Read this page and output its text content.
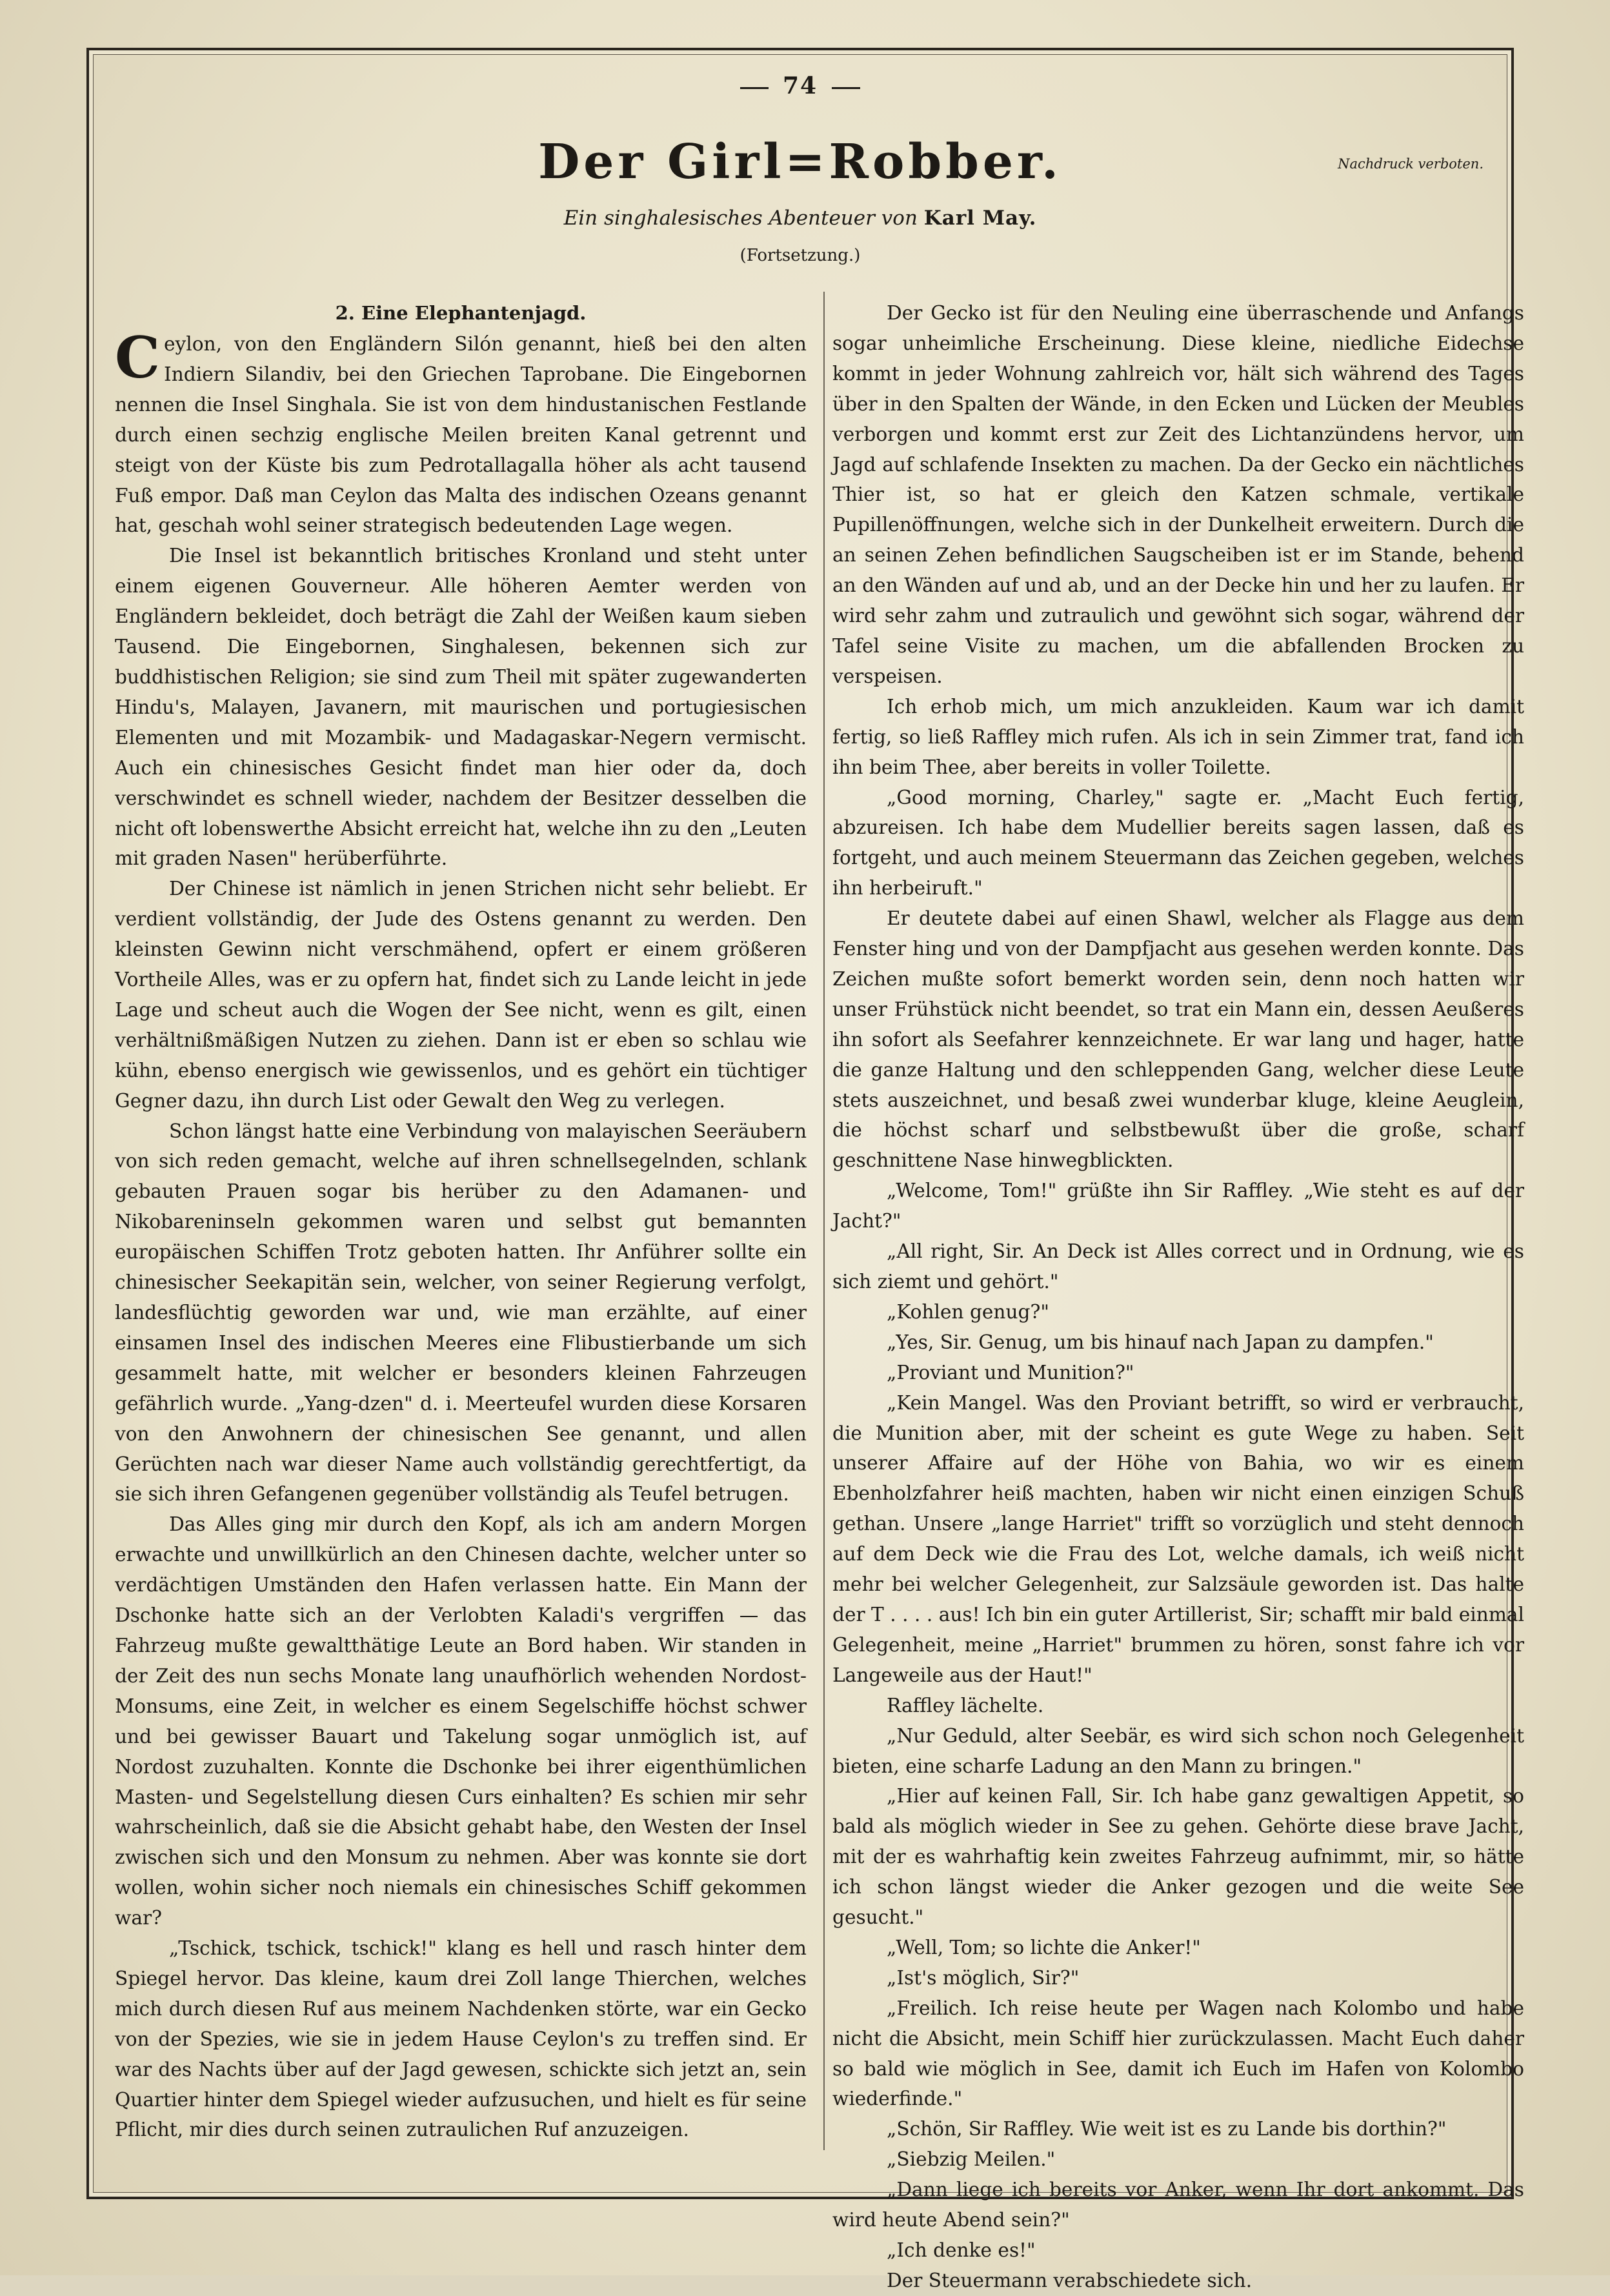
74
Der Girl=Robber.	Nachdruck verboten.
Ein singhalesisches Abenteuer von Karl May.
(Fortsetzung.)
2. Eine Elephantenjagd.

Ceylon, von den Engländern Silón genannt, hieß bei den alten Indiern Silandiv, bei den Griechen Taprobane. Die Eingebornen nennen die Insel Singhala. Sie ist von dem hindustanischen Festlande durch einen sechzig englische Meilen breiten Kanal getrennt und steigt von der Küste bis zum Pedrotallagalla höher als acht tausend Fuß empor. Daß man Ceylon das Malta des indischen Ozeans genannt hat, geschah wohl seiner strategisch bedeutenden Lage wegen.

Die Insel ist bekanntlich britisches Kronland und steht unter einem eigenen Gouverneur. Alle höheren Aemter werden von Engländern bekleidet, doch beträgt die Zahl der Weißen kaum sieben Tausend. Die Eingebornen, Singhalesen, bekennen sich zur buddhistischen Religion; sie sind zum Theil mit später zugewanderten Hindu's, Malayen, Javanern, mit maurischen und portugiesischen Elementen und mit Mozambik- und Madagaskar-Negern vermischt. Auch ein chinesisches Gesicht findet man hier oder da, doch verschwindet es schnell wieder, nachdem der Besitzer desselben die nicht oft lobenswerthe Absicht erreicht hat, welche ihn zu den „Leuten mit graden Nasen" herüberführte.

Der Chinese ist nämlich in jenen Strichen nicht sehr beliebt. Er verdient vollständig, der Jude des Ostens genannt zu werden. Den kleinsten Gewinn nicht verschmähend, opfert er einem größeren Vortheile Alles, was er zu opfern hat, findet sich zu Lande leicht in jede Lage und scheut auch die Wogen der See nicht, wenn es gilt, einen verhältnißmäßigen Nutzen zu ziehen. Dann ist er eben so schlau wie kühn, ebenso energisch wie gewissenlos, und es gehört ein tüchtiger Gegner dazu, ihn durch List oder Gewalt den Weg zu verlegen.

Schon längst hatte eine Verbindung von malayischen Seeräubern von sich reden gemacht, welche auf ihren schnellsegelnden, schlank gebauten Prauen sogar bis herüber zu den Adamanen- und Nikobareninseln gekommen waren und selbst gut bemannten europäischen Schiffen Trotz geboten hatten. Ihr Anführer sollte ein chinesischer Seekapitän sein, welcher, von seiner Regierung verfolgt, landesflüchtig geworden war und, wie man erzählte, auf einer einsamen Insel des indischen Meeres eine Flibustierbande um sich gesammelt hatte, mit welcher er besonders kleinen Fahrzeugen gefährlich wurde. „Yang-dzen" d. i. Meerteufel wurden diese Korsaren von den Anwohnern der chinesischen See genannt, und allen Gerüchten nach war dieser Name auch vollständig gerechtfertigt, da sie sich ihren Gefangenen gegenüber vollständig als Teufel betrugen.

Das Alles ging mir durch den Kopf, als ich am andern Morgen erwachte und unwillkürlich an den Chinesen dachte, welcher unter so verdächtigen Umständen den Hafen verlassen hatte. Ein Mann der Dschonke hatte sich an der Verlobten Kaladi's vergriffen — das Fahrzeug mußte gewaltthätige Leute an Bord haben. Wir standen in der Zeit des nun sechs Monate lang unaufhörlich wehenden Nordost-Monsums, eine Zeit, in welcher es einem Segelschiffe höchst schwer und bei gewisser Bauart und Takelung sogar unmöglich ist, auf Nordost zuzuhalten. Konnte die Dschonke bei ihrer eigenthümlichen Masten- und Segelstellung diesen Curs einhalten? Es schien mir sehr wahrscheinlich, daß sie die Absicht gehabt habe, den Westen der Insel zwischen sich und den Monsum zu nehmen. Aber was konnte sie dort wollen, wohin sicher noch niemals ein chinesisches Schiff gekommen war?

„Tschick, tschick, tschick!" klang es hell und rasch hinter dem Spiegel hervor. Das kleine, kaum drei Zoll lange Thierchen, welches mich durch diesen Ruf aus meinem Nachdenken störte, war ein Gecko von der Spezies, wie sie in jedem Hause Ceylon's zu treffen sind. Er war des Nachts über auf der Jagd gewesen, schickte sich jetzt an, sein Quartier hinter dem Spiegel wieder aufzusuchen, und hielt es für seine Pflicht, mir dies durch seinen zutraulichen Ruf anzuzeigen.

Der Gecko ist für den Neuling eine überraschende und Anfangs sogar unheimliche Erscheinung. Diese kleine, niedliche Eidechse kommt in jeder Wohnung zahlreich vor, hält sich während des Tages über in den Spalten der Wände, in den Ecken und Lücken der Meubles verborgen und kommt erst zur Zeit des Lichtanzündens hervor, um Jagd auf schlafende Insekten zu machen. Da der Gecko ein nächtliches Thier ist, so hat er gleich den Katzen schmale, vertikale Pupillenöffnungen, welche sich in der Dunkelheit erweitern. Durch die an seinen Zehen befindlichen Saugscheiben ist er im Stande, behend an den Wänden auf und ab, und an der Decke hin und her zu laufen. Er wird sehr zahm und zutraulich und gewöhnt sich sogar, während der Tafel seine Visite zu machen, um die abfallenden Brocken zu verspeisen.

Ich erhob mich, um mich anzukleiden. Kaum war ich damit fertig, so ließ Raffley mich rufen. Als ich in sein Zimmer trat, fand ich ihn beim Thee, aber bereits in voller Toilette.

„Good morning, Charley," sagte er. „Macht Euch fertig, abzureisen. Ich habe dem Mudellier bereits sagen lassen, daß es fortgeht, und auch meinem Steuermann das Zeichen gegeben, welches ihn herbeiruft."

Er deutete dabei auf einen Shawl, welcher als Flagge aus dem Fenster hing und von der Dampfjacht aus gesehen werden konnte. Das Zeichen mußte sofort bemerkt worden sein, denn noch hatten wir unser Frühstück nicht beendet, so trat ein Mann ein, dessen Aeußeres ihn sofort als Seefahrer kennzeichnete. Er war lang und hager, hatte die ganze Haltung und den schleppenden Gang, welcher diese Leute stets auszeichnet, und besaß zwei wunderbar kluge, kleine Aeuglein, die höchst scharf und selbstbewußt über die große, scharf geschnittene Nase hinwegblickten.

„Welcome, Tom!" grüßte ihn Sir Raffley. „Wie steht es auf der Jacht?"

„All right, Sir. An Deck ist Alles correct und in Ordnung, wie es sich ziemt und gehört."

„Kohlen genug?"

„Yes, Sir. Genug, um bis hinauf nach Japan zu dampfen."

„Proviant und Munition?"

„Kein Mangel. Was den Proviant betrifft, so wird er verbraucht, die Munition aber, mit der scheint es gute Wege zu haben. Seit unserer Affaire auf der Höhe von Bahia, wo wir es einem Ebenholzfahrer heiß machten, haben wir nicht einen einzigen Schuß gethan. Unsere „lange Harriet" trifft so vorzüglich und steht dennoch auf dem Deck wie die Frau des Lot, welche damals, ich weiß nicht mehr bei welcher Gelegenheit, zur Salzsäule geworden ist. Das halte der T . . . . aus! Ich bin ein guter Artillerist, Sir; schafft mir bald einmal Gelegenheit, meine „Harriet" brummen zu hören, sonst fahre ich vor Langeweile aus der Haut!"

Raffley lächelte.

„Nur Geduld, alter Seebär, es wird sich schon noch Gelegenheit bieten, eine scharfe Ladung an den Mann zu bringen."

„Hier auf keinen Fall, Sir. Ich habe ganz gewaltigen Appetit, so bald als möglich wieder in See zu gehen. Gehörte diese brave Jacht, mit der es wahrhaftig kein zweites Fahrzeug aufnimmt, mir, so hätte ich schon längst wieder die Anker gezogen und die weite See gesucht."

„Well, Tom; so lichte die Anker!"

„Ist's möglich, Sir?"

„Freilich. Ich reise heute per Wagen nach Kolombo und habe nicht die Absicht, mein Schiff hier zurückzulassen. Macht Euch daher so bald wie möglich in See, damit ich Euch im Hafen von Kolombo wiederfinde."

„Schön, Sir Raffley. Wie weit ist es zu Lande bis dorthin?"

„Siebzig Meilen."

„Dann liege ich bereits vor Anker, wenn Ihr dort ankommt. Das wird heute Abend sein?"

„Ich denke es!"

Der Steuermann verabschiedete sich.
